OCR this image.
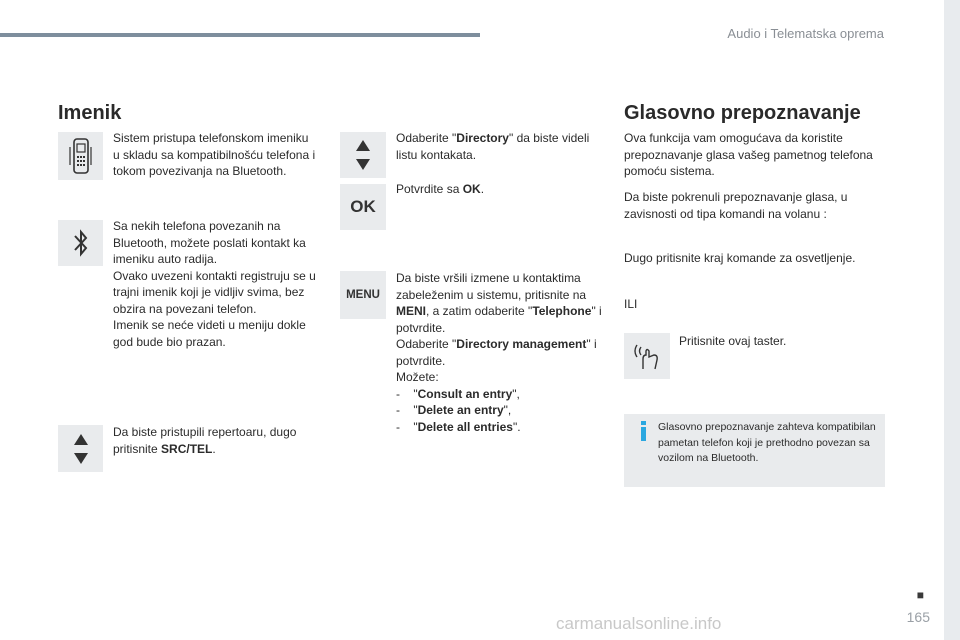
Audio i Telematska oprema
Imenik
Sistem pristupa telefonskom imeniku u skladu sa kompatibilnošću telefona i tokom povezivanja na Bluetooth.
Sa nekih telefona povezanih na Bluetooth, možete poslati kontakt ka imeniku auto radija.
Ovako uvezeni kontakti registruju se u trajni imenik koji je vidljiv svima, bez obzira na povezani telefon.
Imenik se neće videti u meniju dokle god bude bio prazan.
Da biste pristupili repertoaru, dugo pritisnite SRC/TEL.
Odaberite "Directory" da biste videli listu kontakata.
OK
Potvrdite sa OK.
MENU
Da biste vršili izmene u kontaktima zabeleženim u sistemu, pritisnite na MENI, a zatim odaberite "Telephone" i potvrdite.
Odaberite "Directory management" i potvrdite.
Možete:

-    "Consult an entry",
-    "Delete an entry",
-    "Delete all entries".
Glasovno prepoznavanje
Ova funkcija vam omogućava da koristite prepoznavanje glasa vašeg pametnog telefona pomoću sistema.
Da biste pokrenuli prepoznavanje glasa, u zavisnosti od tipa komandi na volanu :
Dugo pritisnite kraj komande za osvetljenje.
ILI
Pritisnite ovaj taster.
Glasovno prepoznavanje zahteva kompatibilan pametan telefon koji je prethodno povezan sa vozilom na Bluetooth.
■
165
carmanualsonline.info
